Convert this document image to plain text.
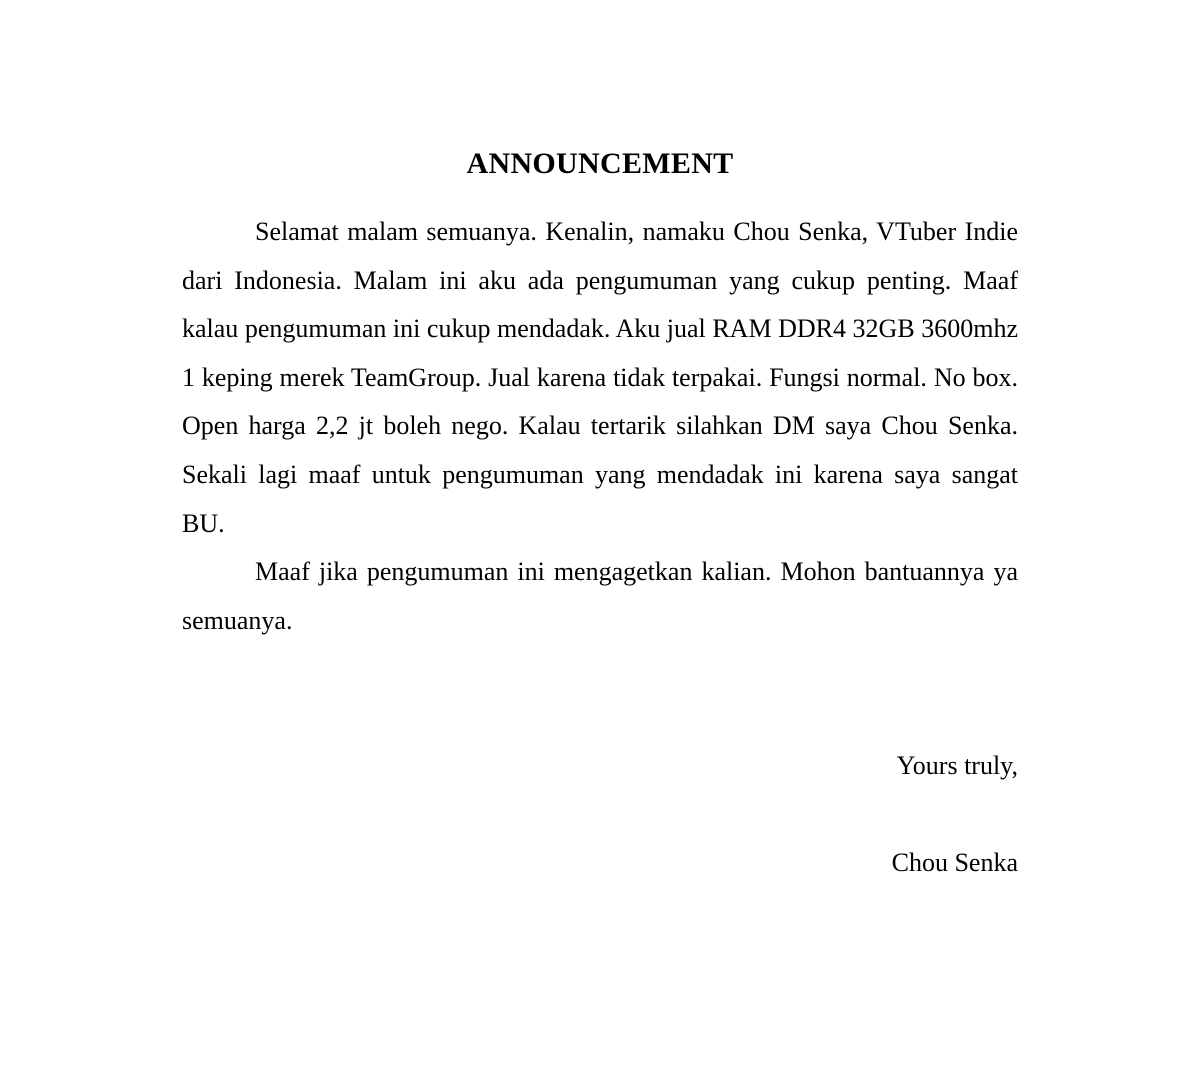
ANNOUNCEMENT

Selamat malam semuanya. Kenalin, namaku Chou Senka, VTuber Indie dari Indonesia. Malam ini aku ada pengumuman yang cukup penting. Maaf kalau pengumuman ini cukup mendadak. Aku jual RAM DDR4 32GB 3600mhz 1 keping merek TeamGroup. Jual karena tidak terpakai. Fungsi normal. No box. Open harga 2,2 jt boleh nego. Kalau tertarik silahkan DM saya Chou Senka. Sekali lagi maaf untuk pengumuman yang mendadak ini karena saya sangat BU.

Maaf jika pengumuman ini mengagetkan kalian. Mohon bantuannya ya semuanya.

Yours truly,
Chou Senka
